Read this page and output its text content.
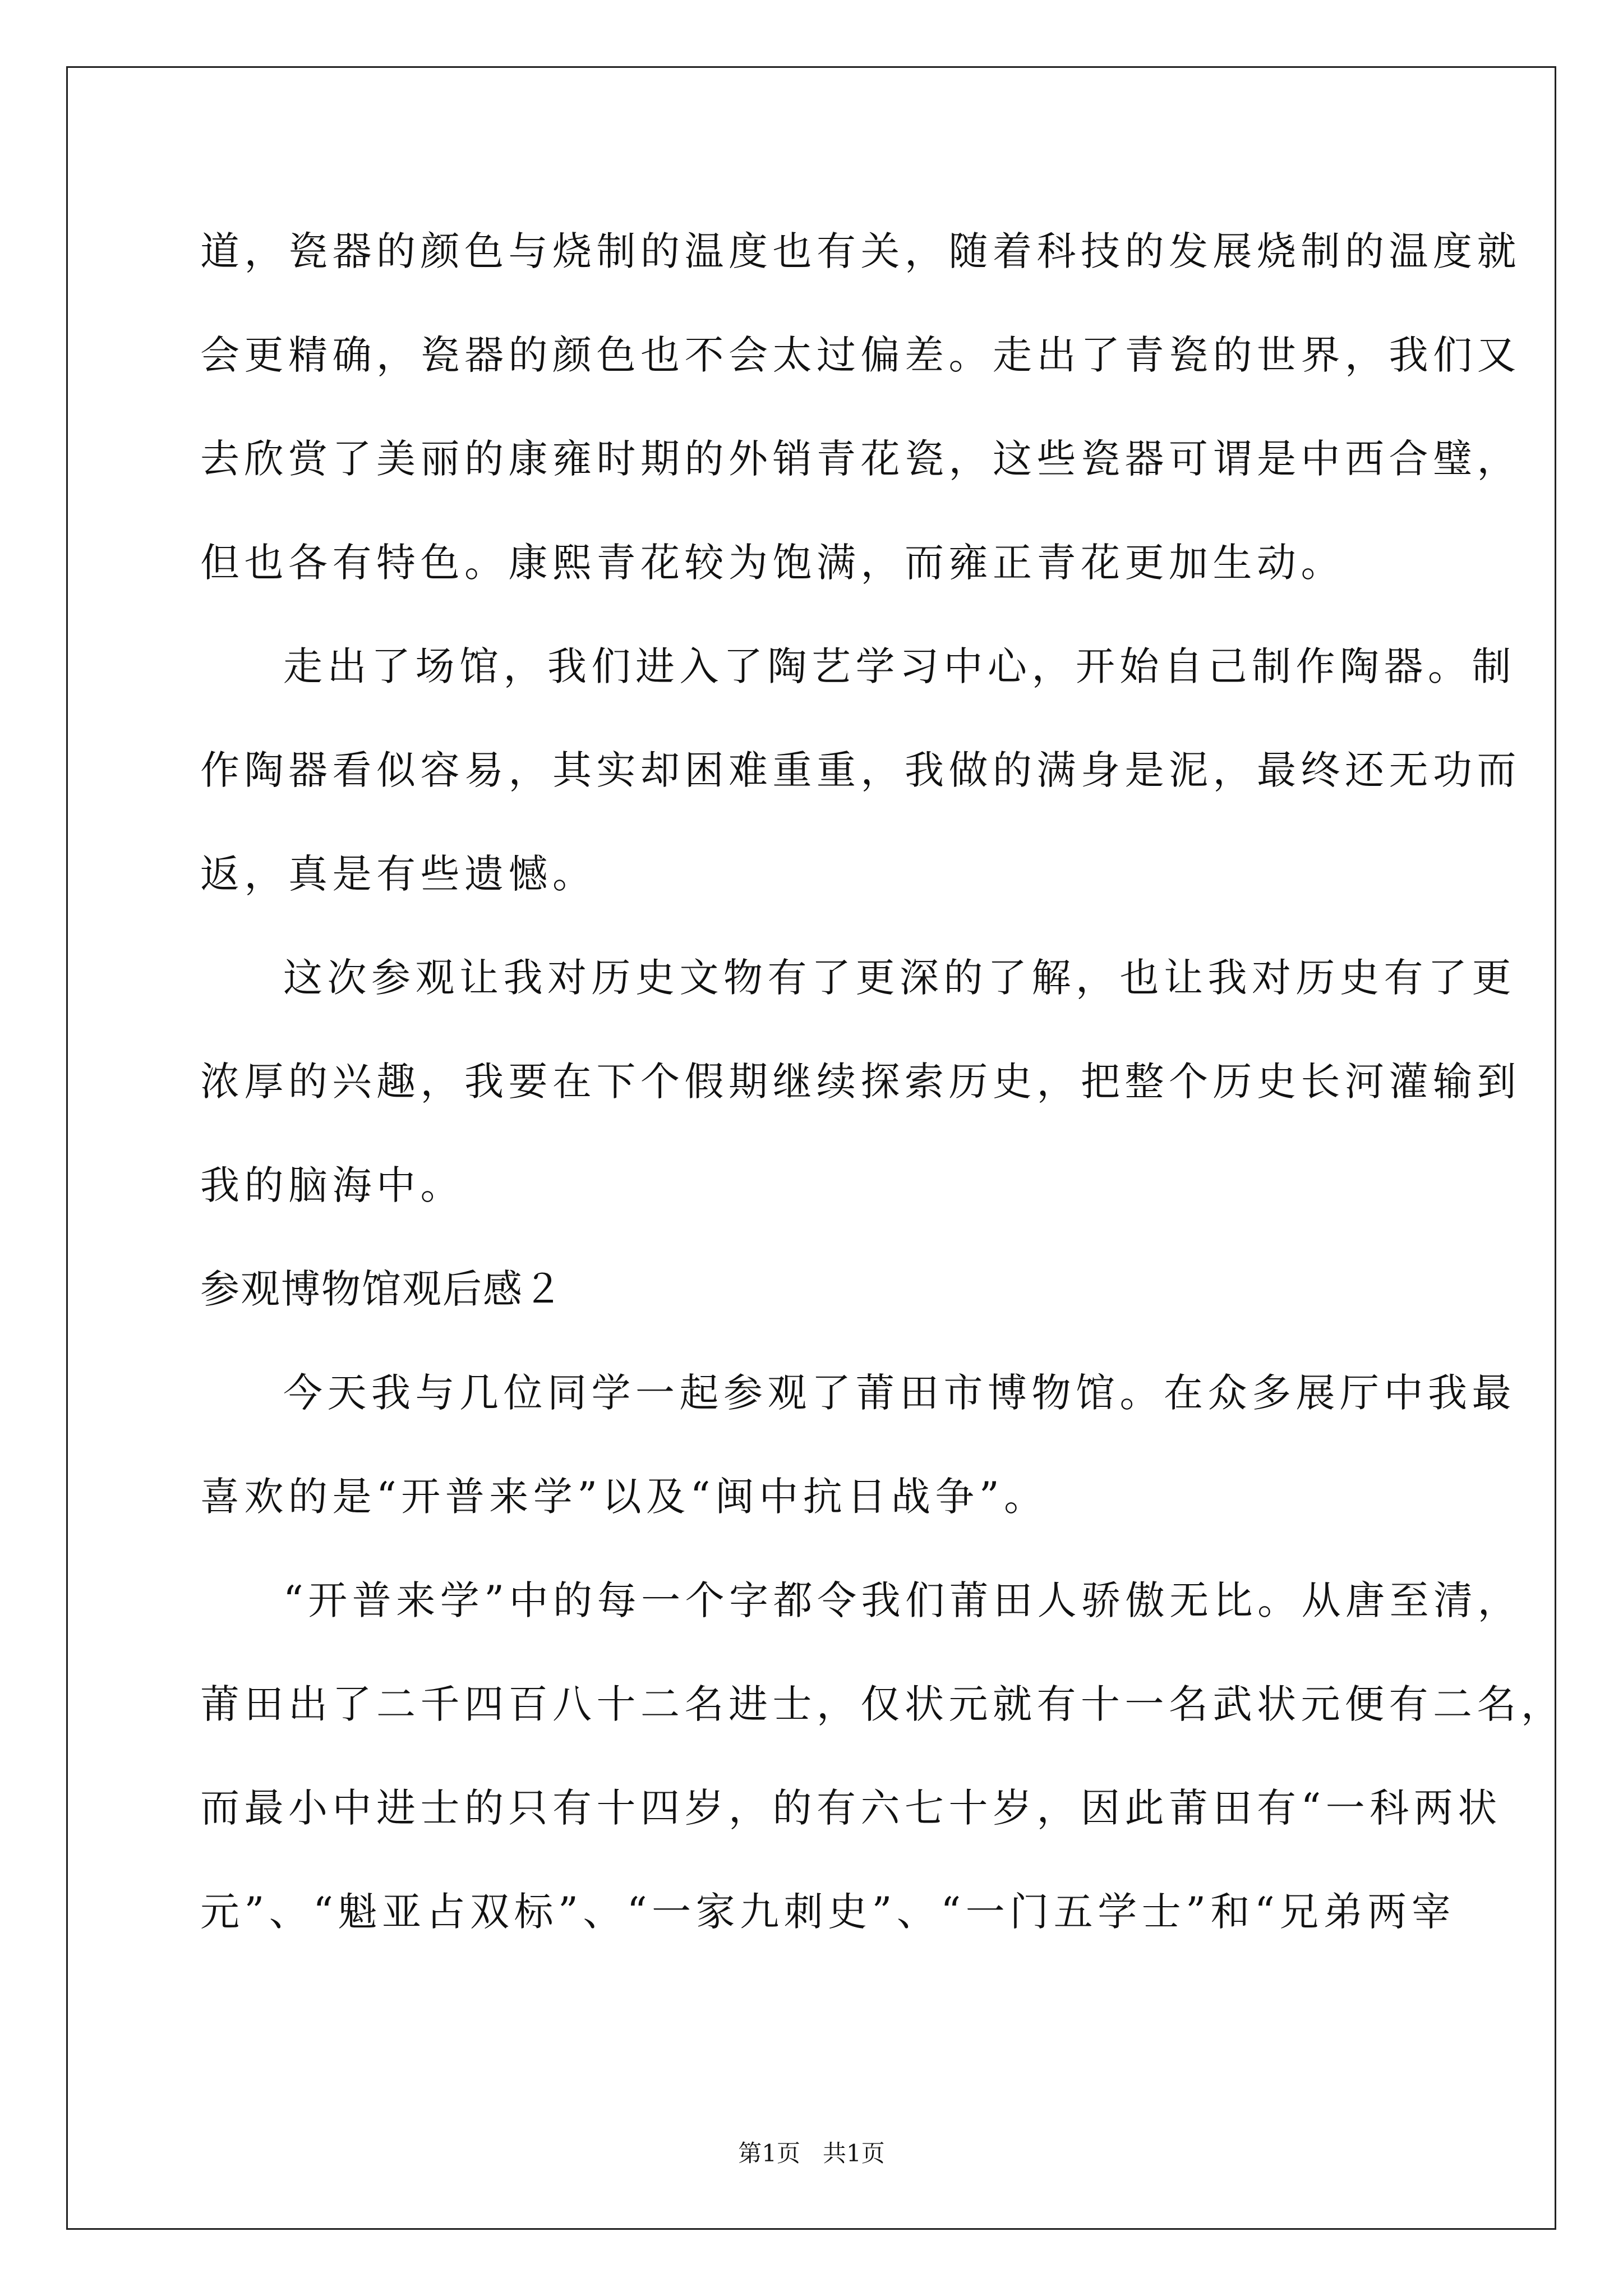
道，瓷器的颜色与烧制的温度也有关，随着科技的发展烧制的温度就

会更精确，瓷器的颜色也不会太过偏差。走出了青瓷的世界，我们又

去欣赏了美丽的康雍时期的外销青花瓷，这些瓷器可谓是中西合璧，

但也各有特色。康熙青花较为饱满，而雍正青花更加生动。

走出了场馆，我们进入了陶艺学习中心，开始自己制作陶器。制

作陶器看似容易，其实却困难重重，我做的满身是泥，最终还无功而

返，真是有些遗憾。

这次参观让我对历史文物有了更深的了解，也让我对历史有了更

浓厚的兴趣，我要在下个假期继续探索历史，把整个历史长河灌输到

我的脑海中。

参观博物馆观后感２

今天我与几位同学一起参观了莆田市博物馆。在众多展厅中我最

喜欢的是“开普来学”以及“闽中抗日战争”。

“开普来学”中的每一个字都令我们莆田人骄傲无比。从唐至清，

莆田出了二千四百八十二名进士，仅状元就有十一名武状元便有二名，

而最小中进士的只有十四岁，的有六七十岁，因此莆田有“一科两状

元”、“魁亚占双标”、“一家九刺史”、“一门五学士”和“兄弟两宰

第1页   共1页
